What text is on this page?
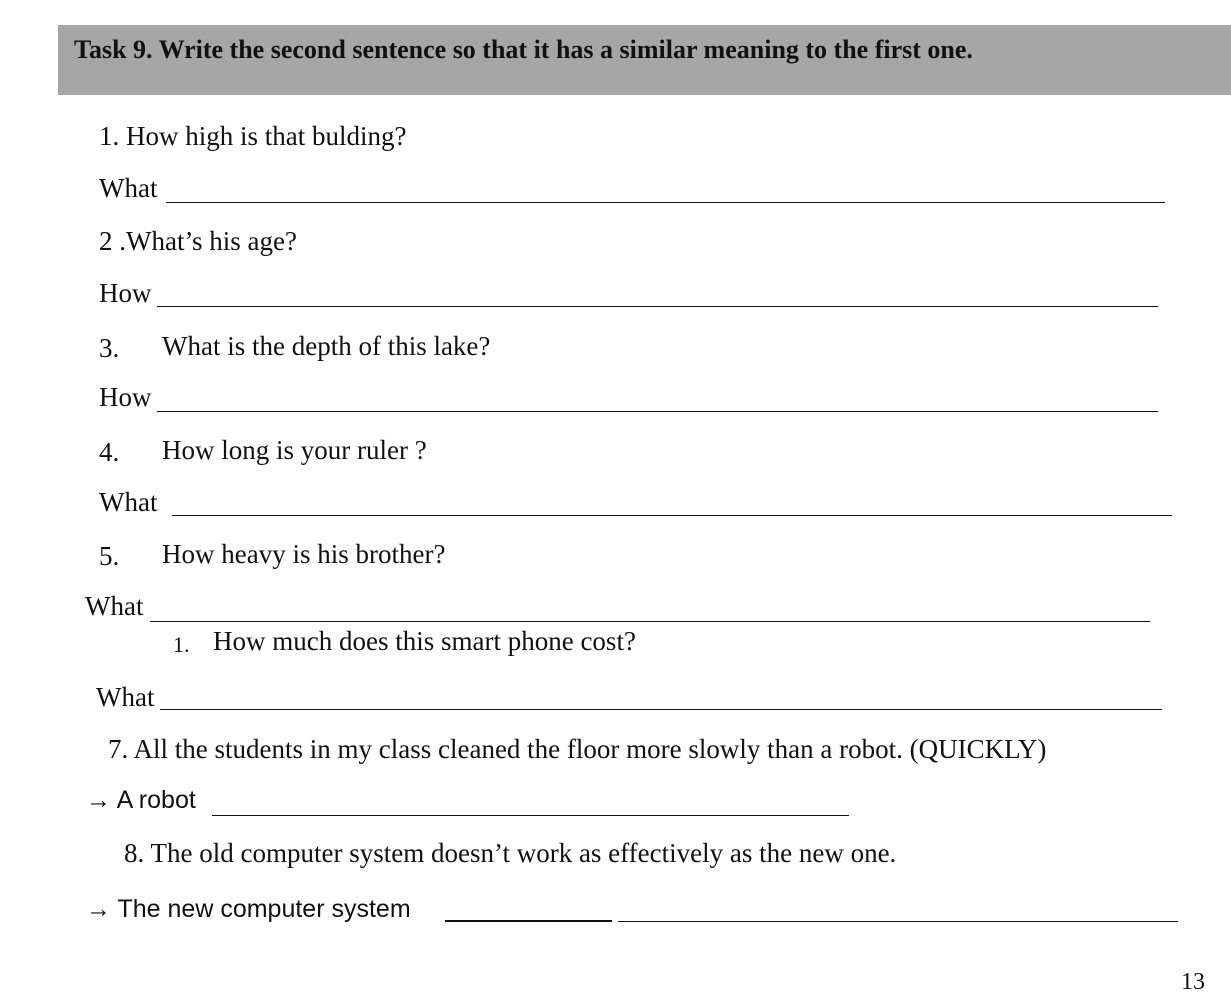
Task 9. Write the second sentence so that it has a similar meaning to the first one.
1. How high is that bulding?
What
2 .What’s his age?
How
3. What is the depth of this lake?
How
4. How long is your ruler ?
What
5. How heavy is his brother?
What
1. How much does this smart phone cost?
What
7. All the students in my class cleaned the floor more slowly than a robot. (QUICKLY)
→ A robot
8. The old computer system doesn’t work as effectively as the new one.
→ The new computer system
13
